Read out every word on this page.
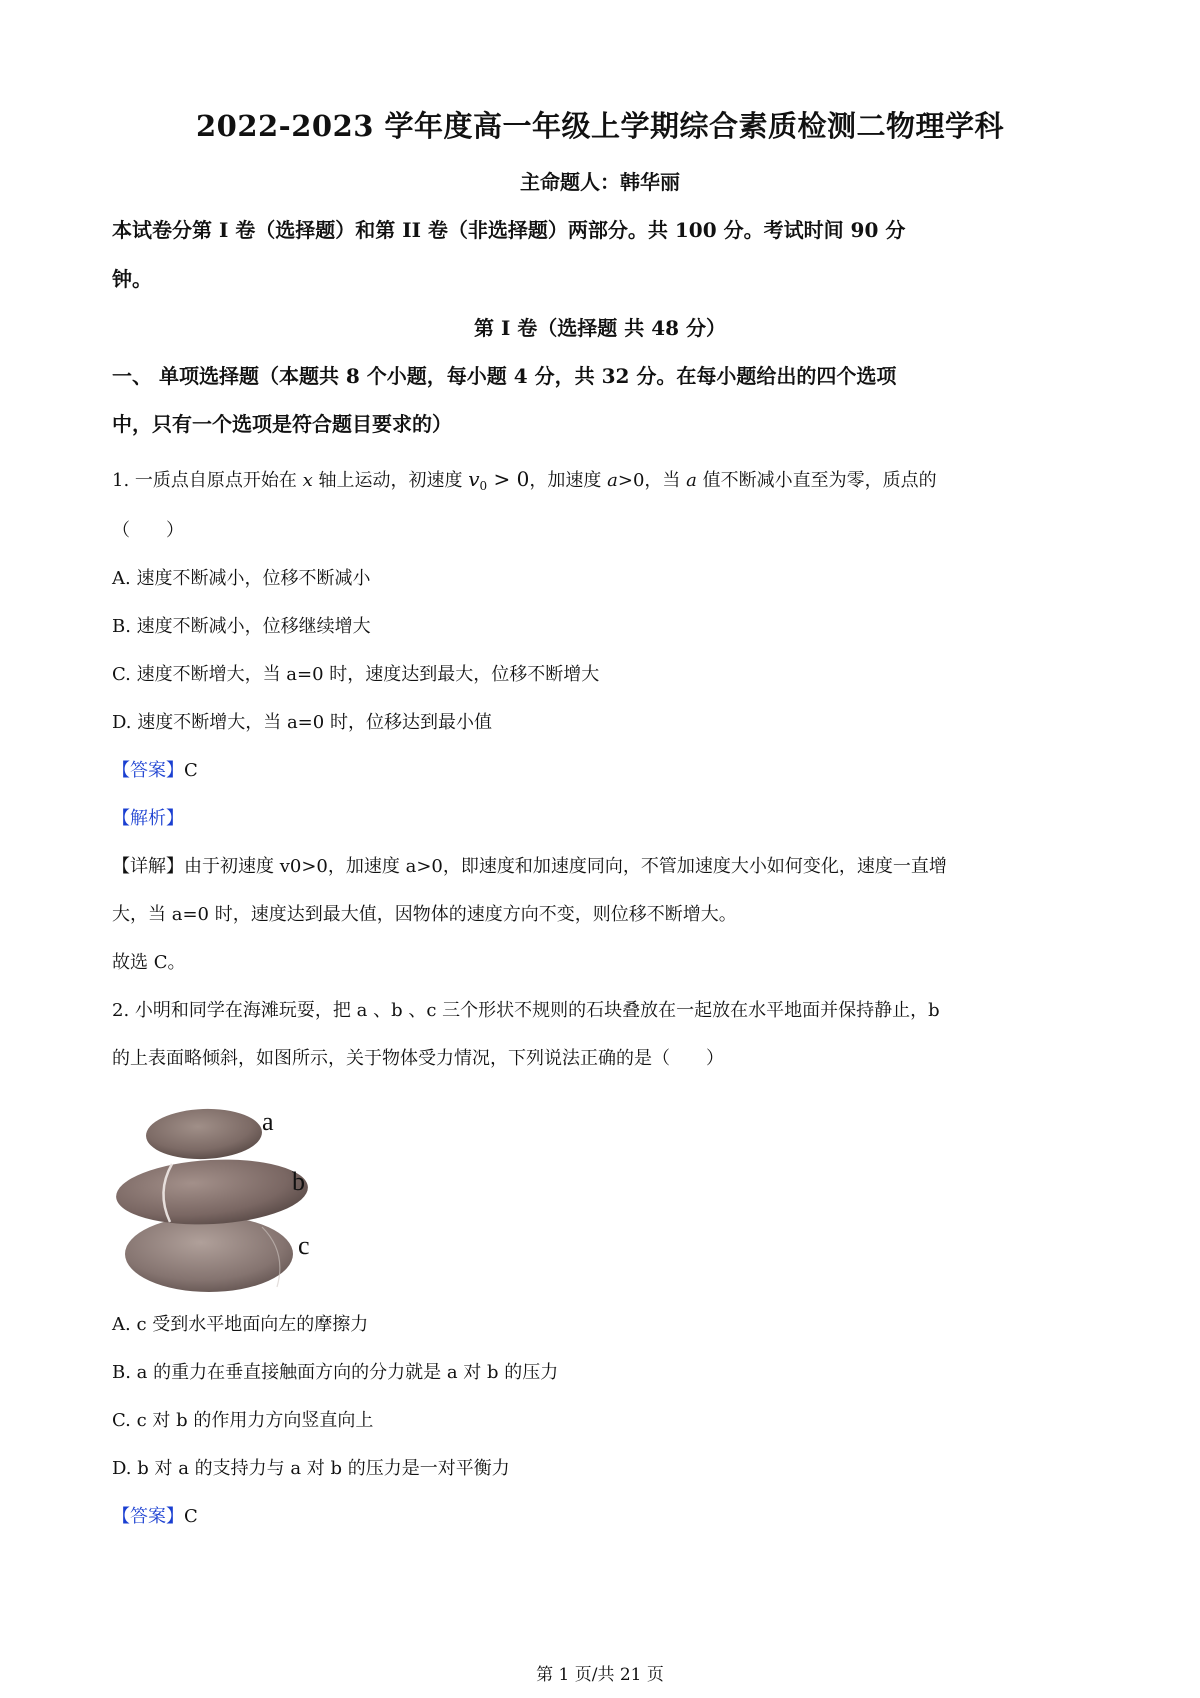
2022-2023 学年度高一年级上学期综合素质检测二物理学科
主命题人：韩华丽
本试卷分第 I 卷（选择题）和第 II 卷（非选择题）两部分。共 100 分。考试时间 90 分
钟。
第 I 卷（选择题 共 48 分）
一、 单项选择题（本题共 8 个小题，每小题 4 分，共 32 分。在每小题给出的四个选项
中，只有一个选项是符合题目要求的）
1. 一质点自原点开始在 x 轴上运动，初速度 $v_0 > 0$，加速度 a>0，当 a 值不断减小直至为零，质点的
（　　）
A. 速度不断减小，位移不断减小
B. 速度不断减小，位移继续增大
C. 速度不断增大，当 a=0 时，速度达到最大，位移不断增大
D. 速度不断增大，当 a=0 时，位移达到最小值
【答案】C
【解析】
【详解】由于初速度 v0>0，加速度 a>0，即速度和加速度同向，不管加速度大小如何变化，速度一直增
大，当 a=0 时，速度达到最大值，因物体的速度方向不变，则位移不断增大。
故选 C。
2. 小明和同学在海滩玩耍，把 a 、b 、c 三个形状不规则的石块叠放在一起放在水平地面并保持静止，b
的上表面略倾斜，如图所示，关于物体受力情况，下列说法正确的是（　　）
a
b
c
A. c 受到水平地面向左的摩擦力
B. a 的重力在垂直接触面方向的分力就是 a 对 b 的压力
C. c 对 b 的作用力方向竖直向上
D. b 对 a 的支持力与 a 对 b 的压力是一对平衡力
【答案】C
第 1 页/共 21 页
